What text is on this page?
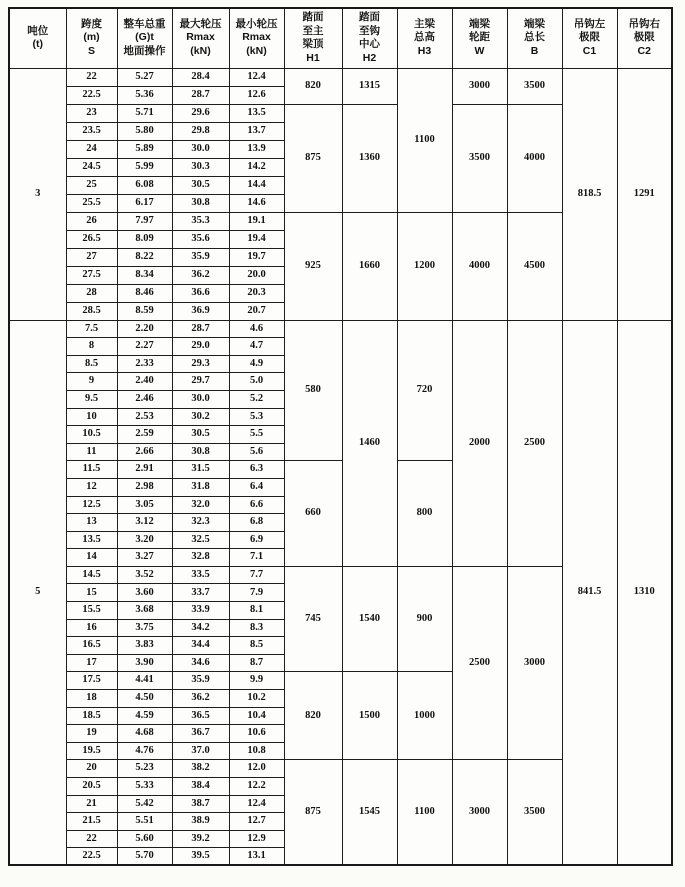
吨位
(t)

跨度
(m)
S

整车总重
(G)t
地面操作

最大轮压
Rmax
(kN)

最小轮压
Rmax
(kN)

踏面
至主
梁顶
H1

踏面
至钩
中心
H2

主梁
总高
H3

端梁
轮距
W

端梁
总长
B

吊钩左
极限
C1

吊钩右
极限
C2

3	22	5.27	28.4	12.4	820	1315	1100	3000	3500	818.5	1291
	22.5	5.36	28.7	12.6							
	23	5.71	29.6	13.5	875	1360		3500	4000		
	23.5	5.80	29.8	13.7							
	24	5.89	30.0	13.9							
	24.5	5.99	30.3	14.2							
	25	6.08	30.5	14.4							
	25.5	6.17	30.8	14.6							
	26	7.97	35.3	19.1	925	1660	1200	4000	4500		
	26.5	8.09	35.6	19.4							
	27	8.22	35.9	19.7							
	27.5	8.34	36.2	20.0							
	28	8.46	36.6	20.3							
	28.5	8.59	36.9	20.7							
5	7.5	2.20	28.7	4.6	580	1460	720	2000	2500	841.5	1310
	8	2.27	29.0	4.7							
	8.5	2.33	29.3	4.9							
	9	2.40	29.7	5.0							
	9.5	2.46	30.0	5.2							
	10	2.53	30.2	5.3							
	10.5	2.59	30.5	5.5							
	11	2.66	30.8	5.6							
	11.5	2.91	31.5	6.3	660		800				
	12	2.98	31.8	6.4							
	12.5	3.05	32.0	6.6							
	13	3.12	32.3	6.8							
	13.5	3.20	32.5	6.9							
	14	3.27	32.8	7.1							
	14.5	3.52	33.5	7.7	745	1540	900	2500	3000		
	15	3.60	33.7	7.9							
	15.5	3.68	33.9	8.1							
	16	3.75	34.2	8.3							
	16.5	3.83	34.4	8.5							
	17	3.90	34.6	8.7							
	17.5	4.41	35.9	9.9	820	1500	1000				
	18	4.50	36.2	10.2							
	18.5	4.59	36.5	10.4							
	19	4.68	36.7	10.6							
	19.5	4.76	37.0	10.8							
	20	5.23	38.2	12.0	875	1545	1100	3000	3500		
	20.5	5.33	38.4	12.2							
	21	5.42	38.7	12.4							
	21.5	5.51	38.9	12.7							
	22	5.60	39.2	12.9							
	22.5	5.70	39.5	13.1							
